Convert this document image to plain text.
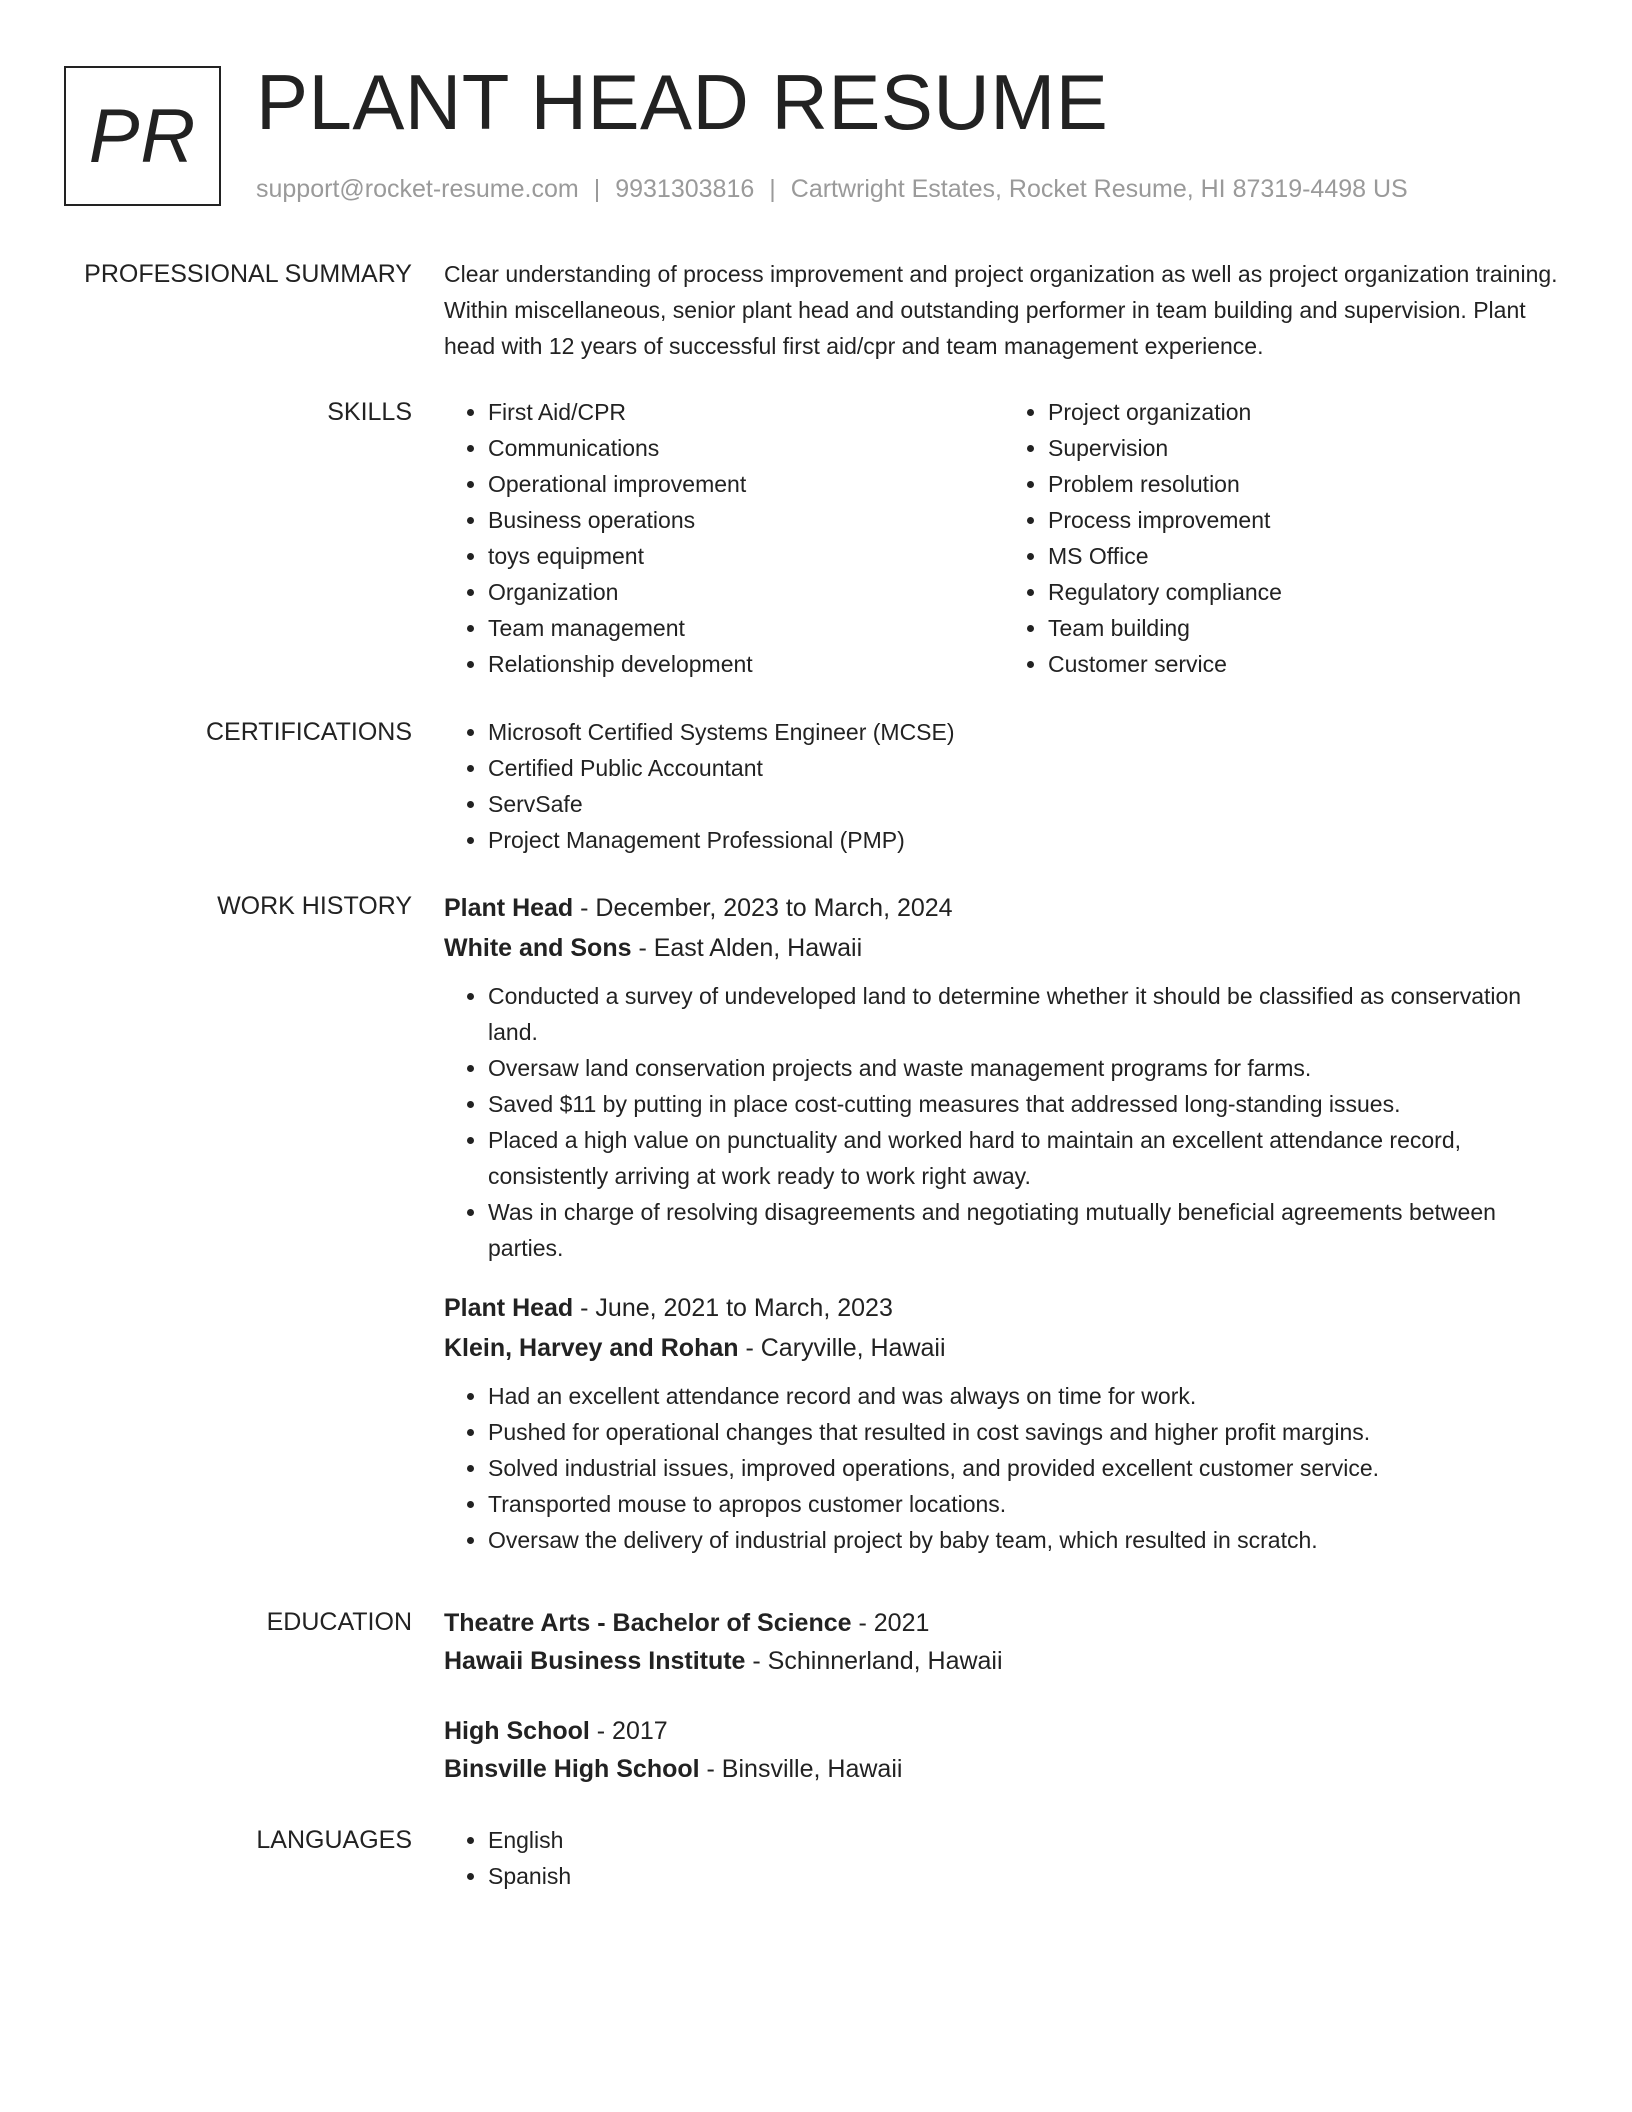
PR PLANT HEAD RESUME
support@rocket-resume.com | 9931303816 | Cartwright Estates, Rocket Resume, HI 87319-4498 US
PROFESSIONAL SUMMARY Clear understanding of process improvement and project organization as well as project organization training. Within miscellaneous, senior plant head and outstanding performer in team building and supervision. Plant head with 12 years of successful first aid/cpr and team management experience.

SKILLS	• First Aid/CPR
• Communications
• Operational improvement
• Business operations
• toys equipment
• Organization
• Team management
• Relationship development
• Project organization
• Supervision
• Problem resolution
• Process improvement
• MS Office
• Regulatory compliance
• Team building
• Customer service
CERTIFICATIONS	• Microsoft Certified Systems Engineer (MCSE)
• Certified Public Accountant
• ServSafe
• Project Management Professional (PMP)
WORK HISTORY Plant Head - December, 2023 to March, 2024
White and Sons - East Alden, Hawaii
• Conducted a survey of undeveloped land to determine whether it should be classified as conservation land.
• Oversaw land conservation projects and waste management programs for farms.
• Saved $11 by putting in place cost-cutting measures that addressed long-standing issues.
• Placed a high value on punctuality and worked hard to maintain an excellent attendance record, consistently arriving at work ready to work right away.
• Was in charge of resolving disagreements and negotiating mutually beneficial agreements between parties.
Plant Head - June, 2021 to March, 2023
Klein, Harvey and Rohan - Caryville, Hawaii
• Had an excellent attendance record and was always on time for work.
• Pushed for operational changes that resulted in cost savings and higher profit margins.
• Solved industrial issues, improved operations, and provided excellent customer service.
• Transported mouse to apropos customer locations.
• Oversaw the delivery of industrial project by baby team, which resulted in scratch.
EDUCATION Theatre Arts - Bachelor of Science - 2021
Hawaii Business Institute - Schinnerland, Hawaii
High School - 2017
Binsville High School - Binsville, Hawaii
LANGUAGES	• English
• Spanish
